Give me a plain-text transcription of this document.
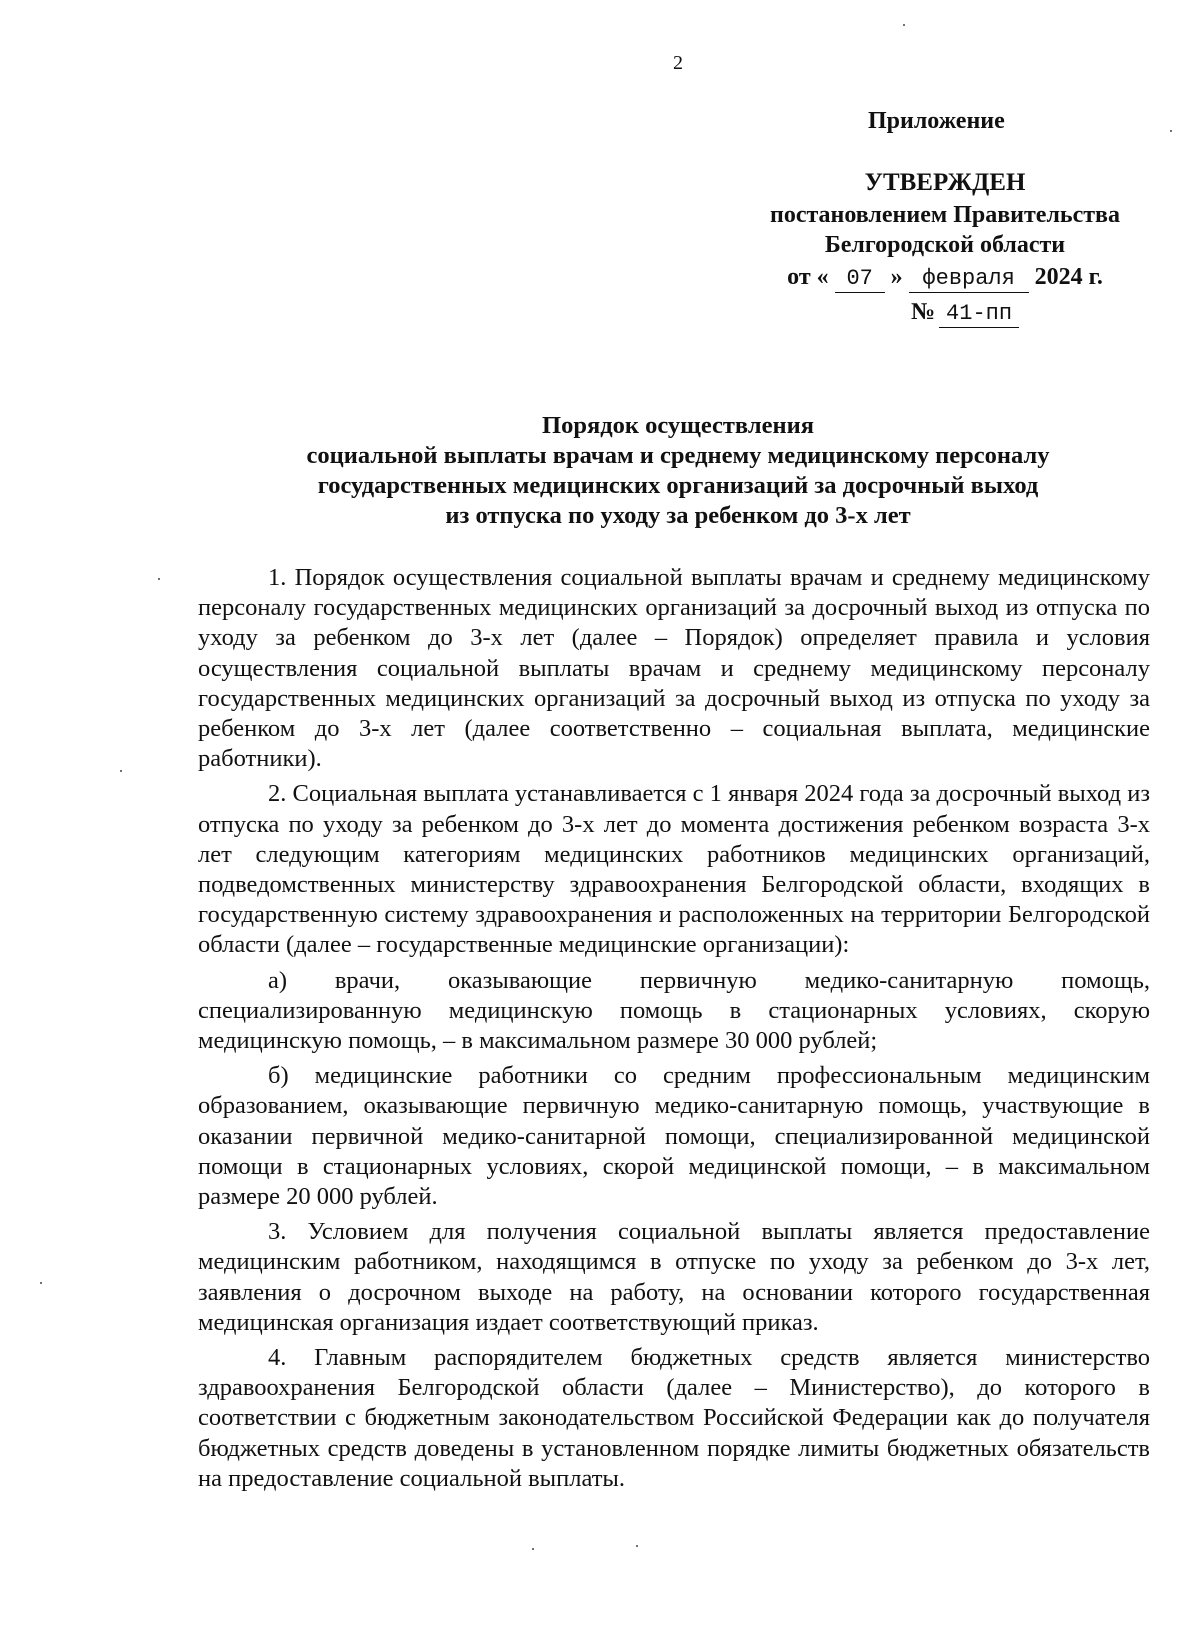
2
Приложение
УТВЕРЖДЕН
постановлением Правительства
Белгородской области
от « 07 » февраля 2024 г.
№ 41-пп
Порядок осуществления
социальной выплаты врачам и среднему медицинскому персоналу
государственных медицинских организаций за досрочный выход
из отпуска по уходу за ребенком до 3-х лет

1. Порядок осуществления социальной выплаты врачам и среднему медицинскому персоналу государственных медицинских организаций за досрочный выход из отпуска по уходу за ребенком до 3-х лет (далее – Порядок) определяет правила и условия осуществления социальной выплаты врачам и среднему медицинскому персоналу государственных медицинских организаций за досрочный выход из отпуска по уходу за ребенком до 3-х лет (далее соответственно – социальная выплата, медицинские работники).

2. Социальная выплата устанавливается с 1 января 2024 года за досрочный выход из отпуска по уходу за ребенком до 3-х лет до момента достижения ребенком возраста 3-х лет следующим категориям медицинских работников медицинских организаций, подведомственных министерству здравоохранения Белгородской области, входящих в государственную систему здравоохранения и расположенных на территории Белгородской области (далее – государственные медицинские организации):

а) врачи, оказывающие первичную медико-санитарную помощь, специализированную медицинскую помощь в стационарных условиях, скорую медицинскую помощь, – в максимальном размере 30 000 рублей;

б) медицинские работники со средним профессиональным медицинским образованием, оказывающие первичную медико-санитарную помощь, участвующие в оказании первичной медико-санитарной помощи, специализированной медицинской помощи в стационарных условиях, скорой медицинской помощи, – в максимальном размере 20 000 рублей.

3. Условием для получения социальной выплаты является предоставление медицинским работником, находящимся в отпуске по уходу за ребенком до 3-х лет, заявления о досрочном выходе на работу, на основании которого государственная медицинская организация издает соответствующий приказ.

4. Главным распорядителем бюджетных средств является министерство здравоохранения Белгородской области (далее – Министерство), до которого в соответствии с бюджетным законодательством Российской Федерации как до получателя бюджетных средств доведены в установленном порядке лимиты бюджетных обязательств на предоставление социальной выплаты.
